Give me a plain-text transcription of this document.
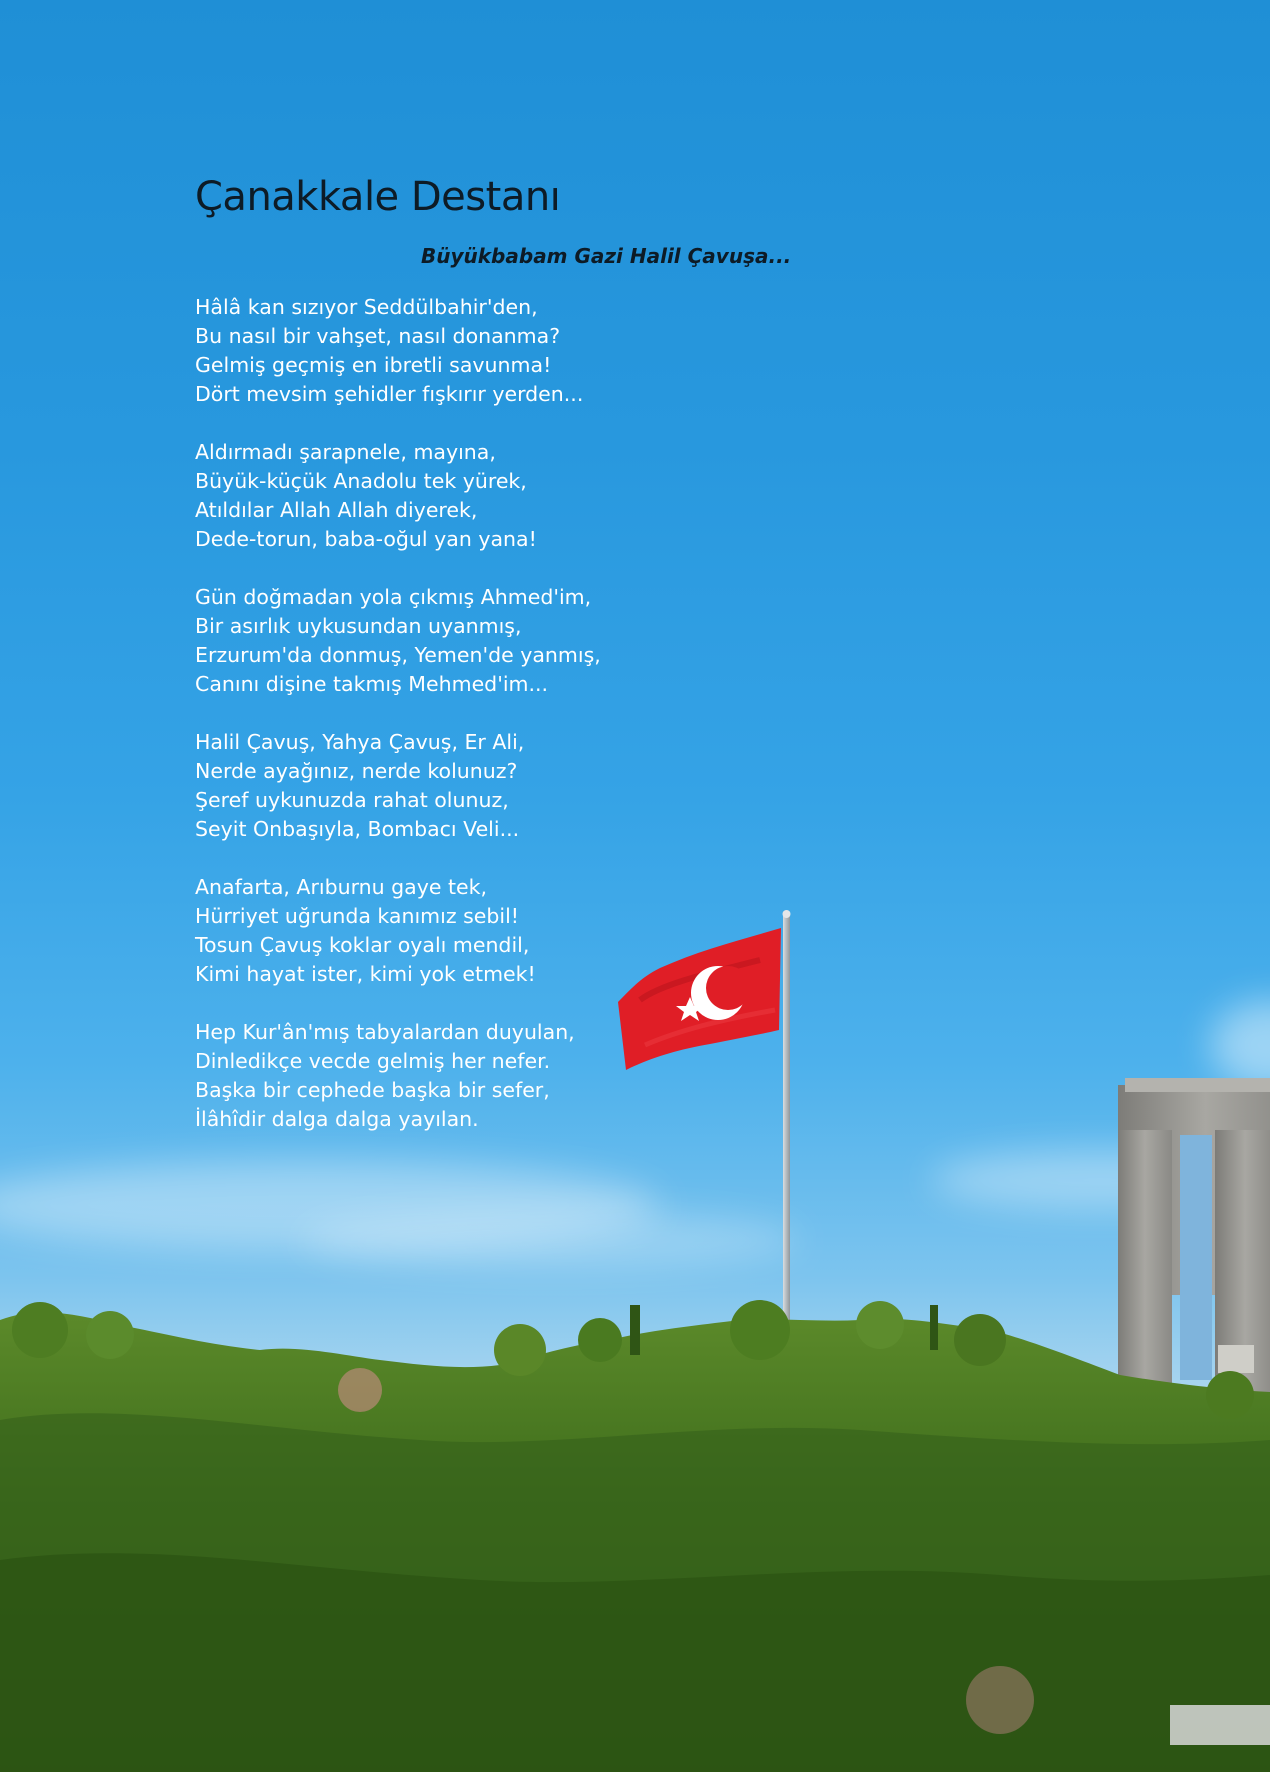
Çanakkale Destanı

Büyükbabam Gazi Halil Çavuşa...

Hâlâ kan sızıyor Seddülbahir'den,
Bu nasıl bir vahşet, nasıl donanma?
Gelmiş geçmiş en ibretli savunma!
Dört mevsim şehidler fışkırır yerden...
Aldırmadı şarapnele, mayına,
Büyük-küçük Anadolu tek yürek,
Atıldılar Allah Allah diyerek,
Dede-torun, baba-oğul yan yana!
Gün doğmadan yola çıkmış Ahmed'im,
Bir asırlık uykusundan uyanmış,
Erzurum'da donmuş, Yemen'de yanmış,
Canını dişine takmış Mehmed'im...
Halil Çavuş, Yahya Çavuş, Er Ali,
Nerde ayağınız, nerde kolunuz?
Şeref uykunuzda rahat olunuz,
Seyit Onbaşıyla, Bombacı Veli...
Anafarta, Arıburnu gaye tek,
Hürriyet uğrunda kanımız sebil!
Tosun Çavuş koklar oyalı mendil,
Kimi hayat ister, kimi yok etmek!
Hep Kur'ân'mış tabyalardan duyulan,
Dinledikçe vecde gelmiş her nefer.
Başka bir cephede başka bir sefer,
İlâhîdir dalga dalga yayılan.
